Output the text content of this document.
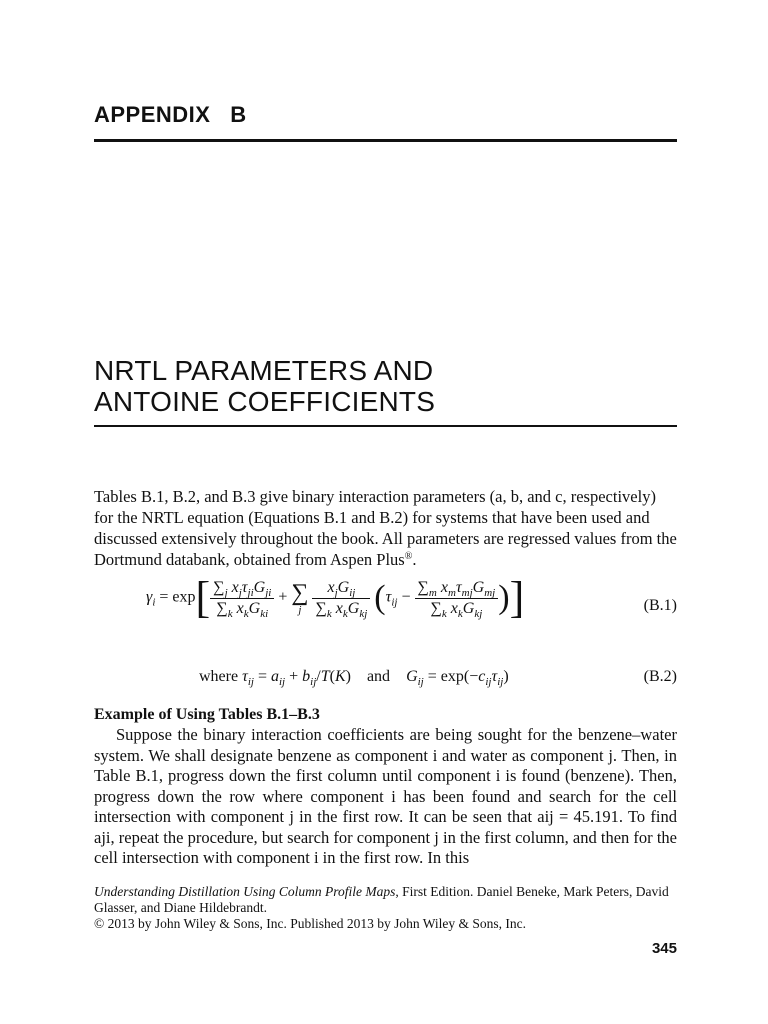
APPENDIX   B
NRTL PARAMETERS AND
ANTOINE COEFFICIENTS
Tables B.1, B.2, and B.3 give binary interaction parameters (a, b, and c, respectively) for the NRTL equation (Equations B.1 and B.2) for systems that have been used and discussed extensively throughout the book. All parameters are regressed values from the Dortmund databank, obtained from Aspen Plus®.
$\gamma_i = \exp[ \frac{\sum_j x_j\tau_{ji}G_{ji}}{\sum_k x_kG_{ki}}$ + ∑
j
$\frac{x_jG_{ij}}{\sum_k x_kG_{kj}} (\tau_{ij} - \frac{\sum_m x_m\tau_{mj}G_{mj}}{\sum_k x_kG_{kj}}$ )]	(B.1)
where $\tau_{ij} = a_{ij} + b_{ij}/T(K)$    and $G_{ij} = \exp(-c_{ij}\tau_{ij})$	(B.2)
Example of Using Tables B.1–B.3

Suppose the binary interaction coefficients are being sought for the benzene–water system. We shall designate benzene as component i and water as component j. Then, in Table B.1, progress down the first column until component i is found (benzene). Then, progress down the row where component i has been found and search for the cell intersection with component j in the first row. It can be seen that aij = 45.191. To find aji, repeat the procedure, but search for component j in the first column, and then for the cell intersection with component i in the first row. In this

Understanding Distillation Using Column Profile Maps, First Edition. Daniel Beneke, Mark Peters, David Glasser, and Diane Hildebrandt.
© 2013 by John Wiley & Sons, Inc. Published 2013 by John Wiley & Sons, Inc.
345
